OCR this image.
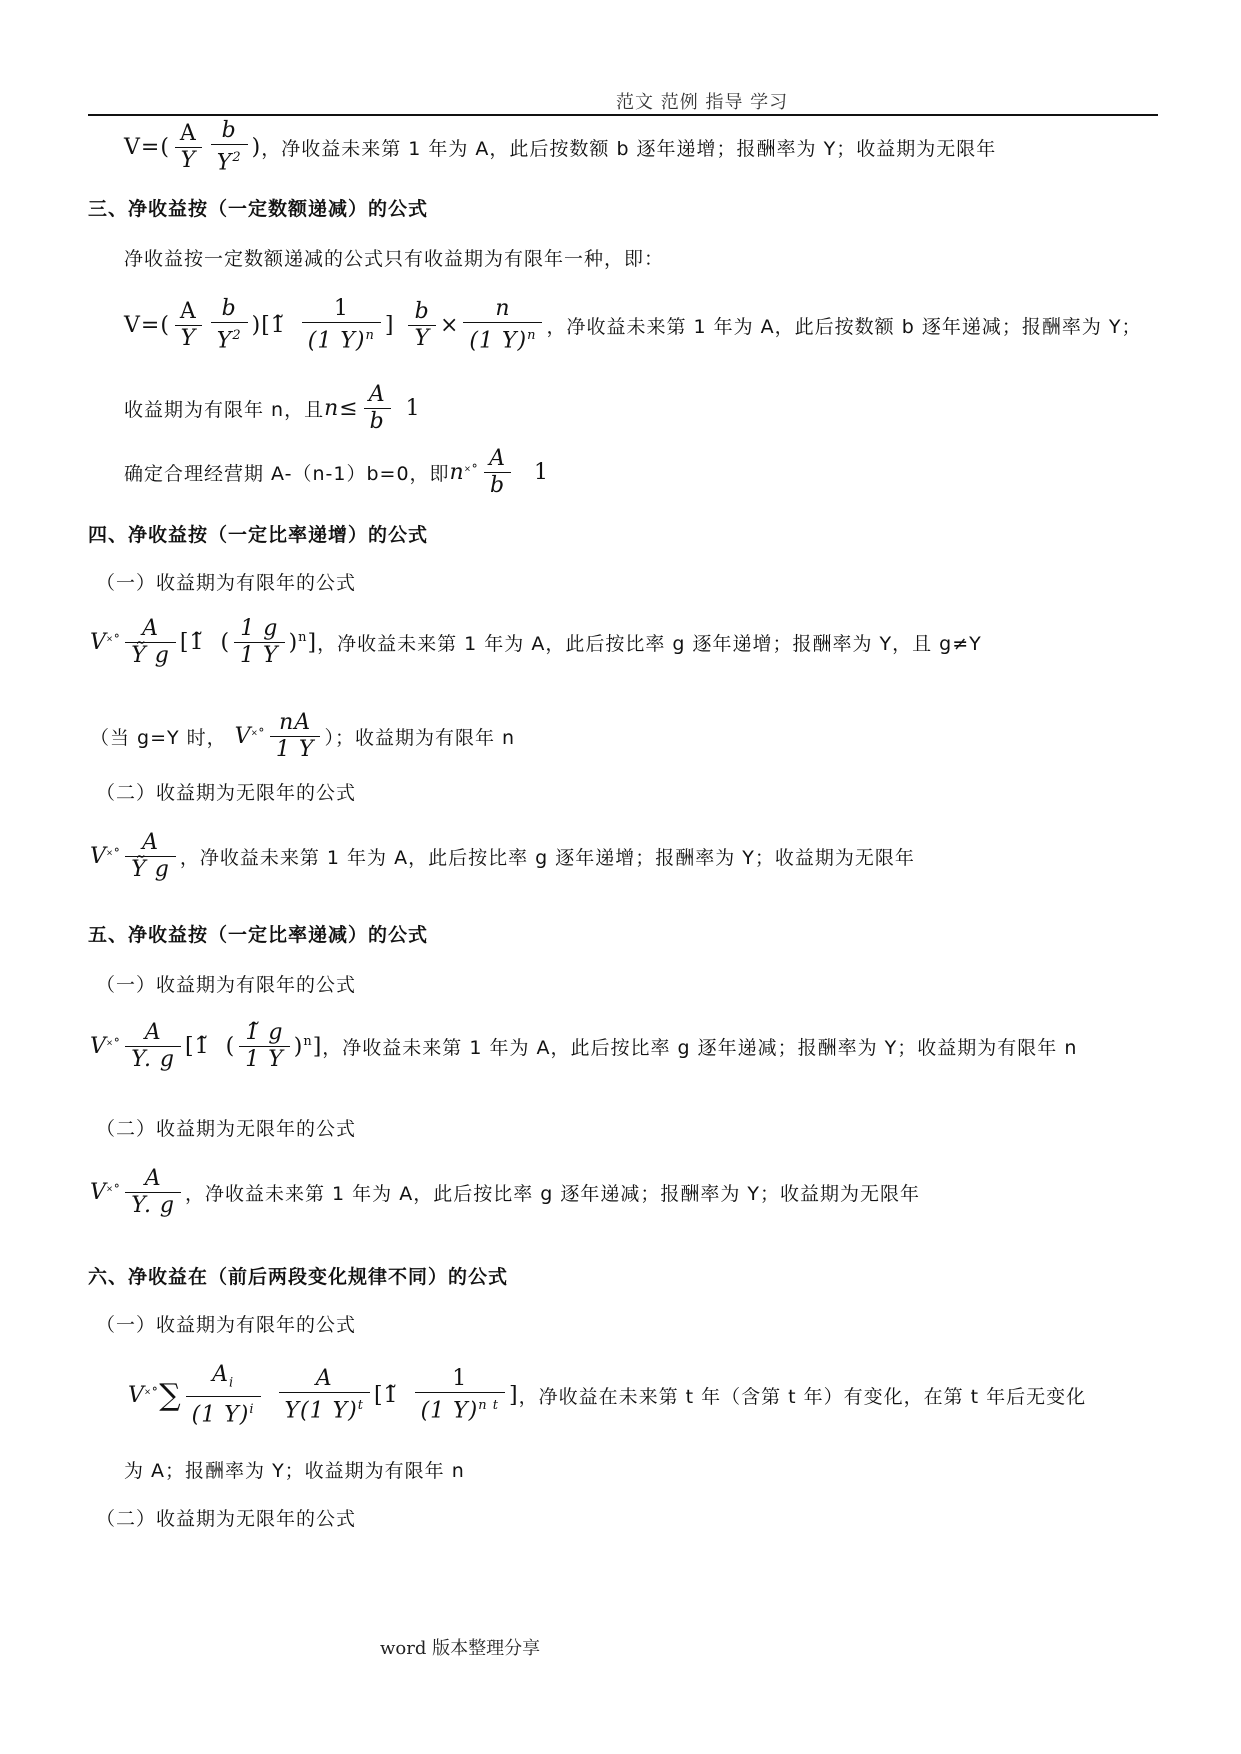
范文 范例 指导 学习
$V=( \frac{A}{Y} \frac{b}{Y^2}$ ) ，净收益未来第 1 年为 A，此后按数额 b 逐年递增；报酬率为 Y；收益期为无限年
三、净收益按（一定数额递减）的公式
净收益按一定数额递减的公式只有收益期为有限年一种，即：
$V=( \frac{A}{Y} \frac{b}{Y^2}$ )[1̃ $\frac{1}{(1 Y)^n}$ ] $\frac{b}{Y} \times \frac{n}{(1 Y)^n}$ ，净收益未来第 1 年为 A，此后按数额 b 逐年递减；报酬率为 Y；
收益期为有限年 n，且 $n \le \frac{A}{b} 1$
确定合理经营期 A-（n-1）b=0，即 n ˟˚ $\frac{A}{b} 1$
四、净收益按（一定比率递增）的公式
（一）收益期为有限年的公式
V ˟˚ $\frac{A}{\text{Ỹ g}}$ [1̃ ( $\frac{1 g}{1 Y} )^n$] ，净收益未来第 1 年为 A，此后按比率 g 逐年递增；报酬率为 Y，且 g≠Y
（当 g=Y 时， V ˟˚ $\frac{nA}{1 Y}$ ）；收益期为有限年 n
（二）收益期为无限年的公式
V ˟˚ $\frac{A}{\text{Ỹ g}}$ ，净收益未来第 1 年为 A，此后按比率 g 逐年递增；报酬率为 Y；收益期为无限年
五、净收益按（一定比率递减）的公式
（一）收益期为有限年的公式
V ˟˚ $\frac{A}{Y. g}$ [1̃ ( $\frac{1̃ g}{1 Y} )^n$] ，净收益未来第 1 年为 A，此后按比率 g 逐年递减；报酬率为 Y；收益期为有限年 n
（二）收益期为无限年的公式
V ˟˚ $\frac{A}{Y. g}$ ，净收益未来第 1 年为 A，此后按比率 g 逐年递减；报酬率为 Y；收益期为无限年
六、净收益在（前后两段变化规律不同）的公式
（一）收益期为有限年的公式
V ˟˚ ∑ $\frac{A_i}{(1 Y)^i} \frac{A}{Y(1 Y)^t}$ [1̃ $\frac{1}{(1 Y)^{n t}}$ ] ，净收益在未来第 t 年（含第 t 年）有变化，在第 t 年后无变化
为 A；报酬率为 Y；收益期为有限年 n
（二）收益期为无限年的公式
word 版本整理分享
